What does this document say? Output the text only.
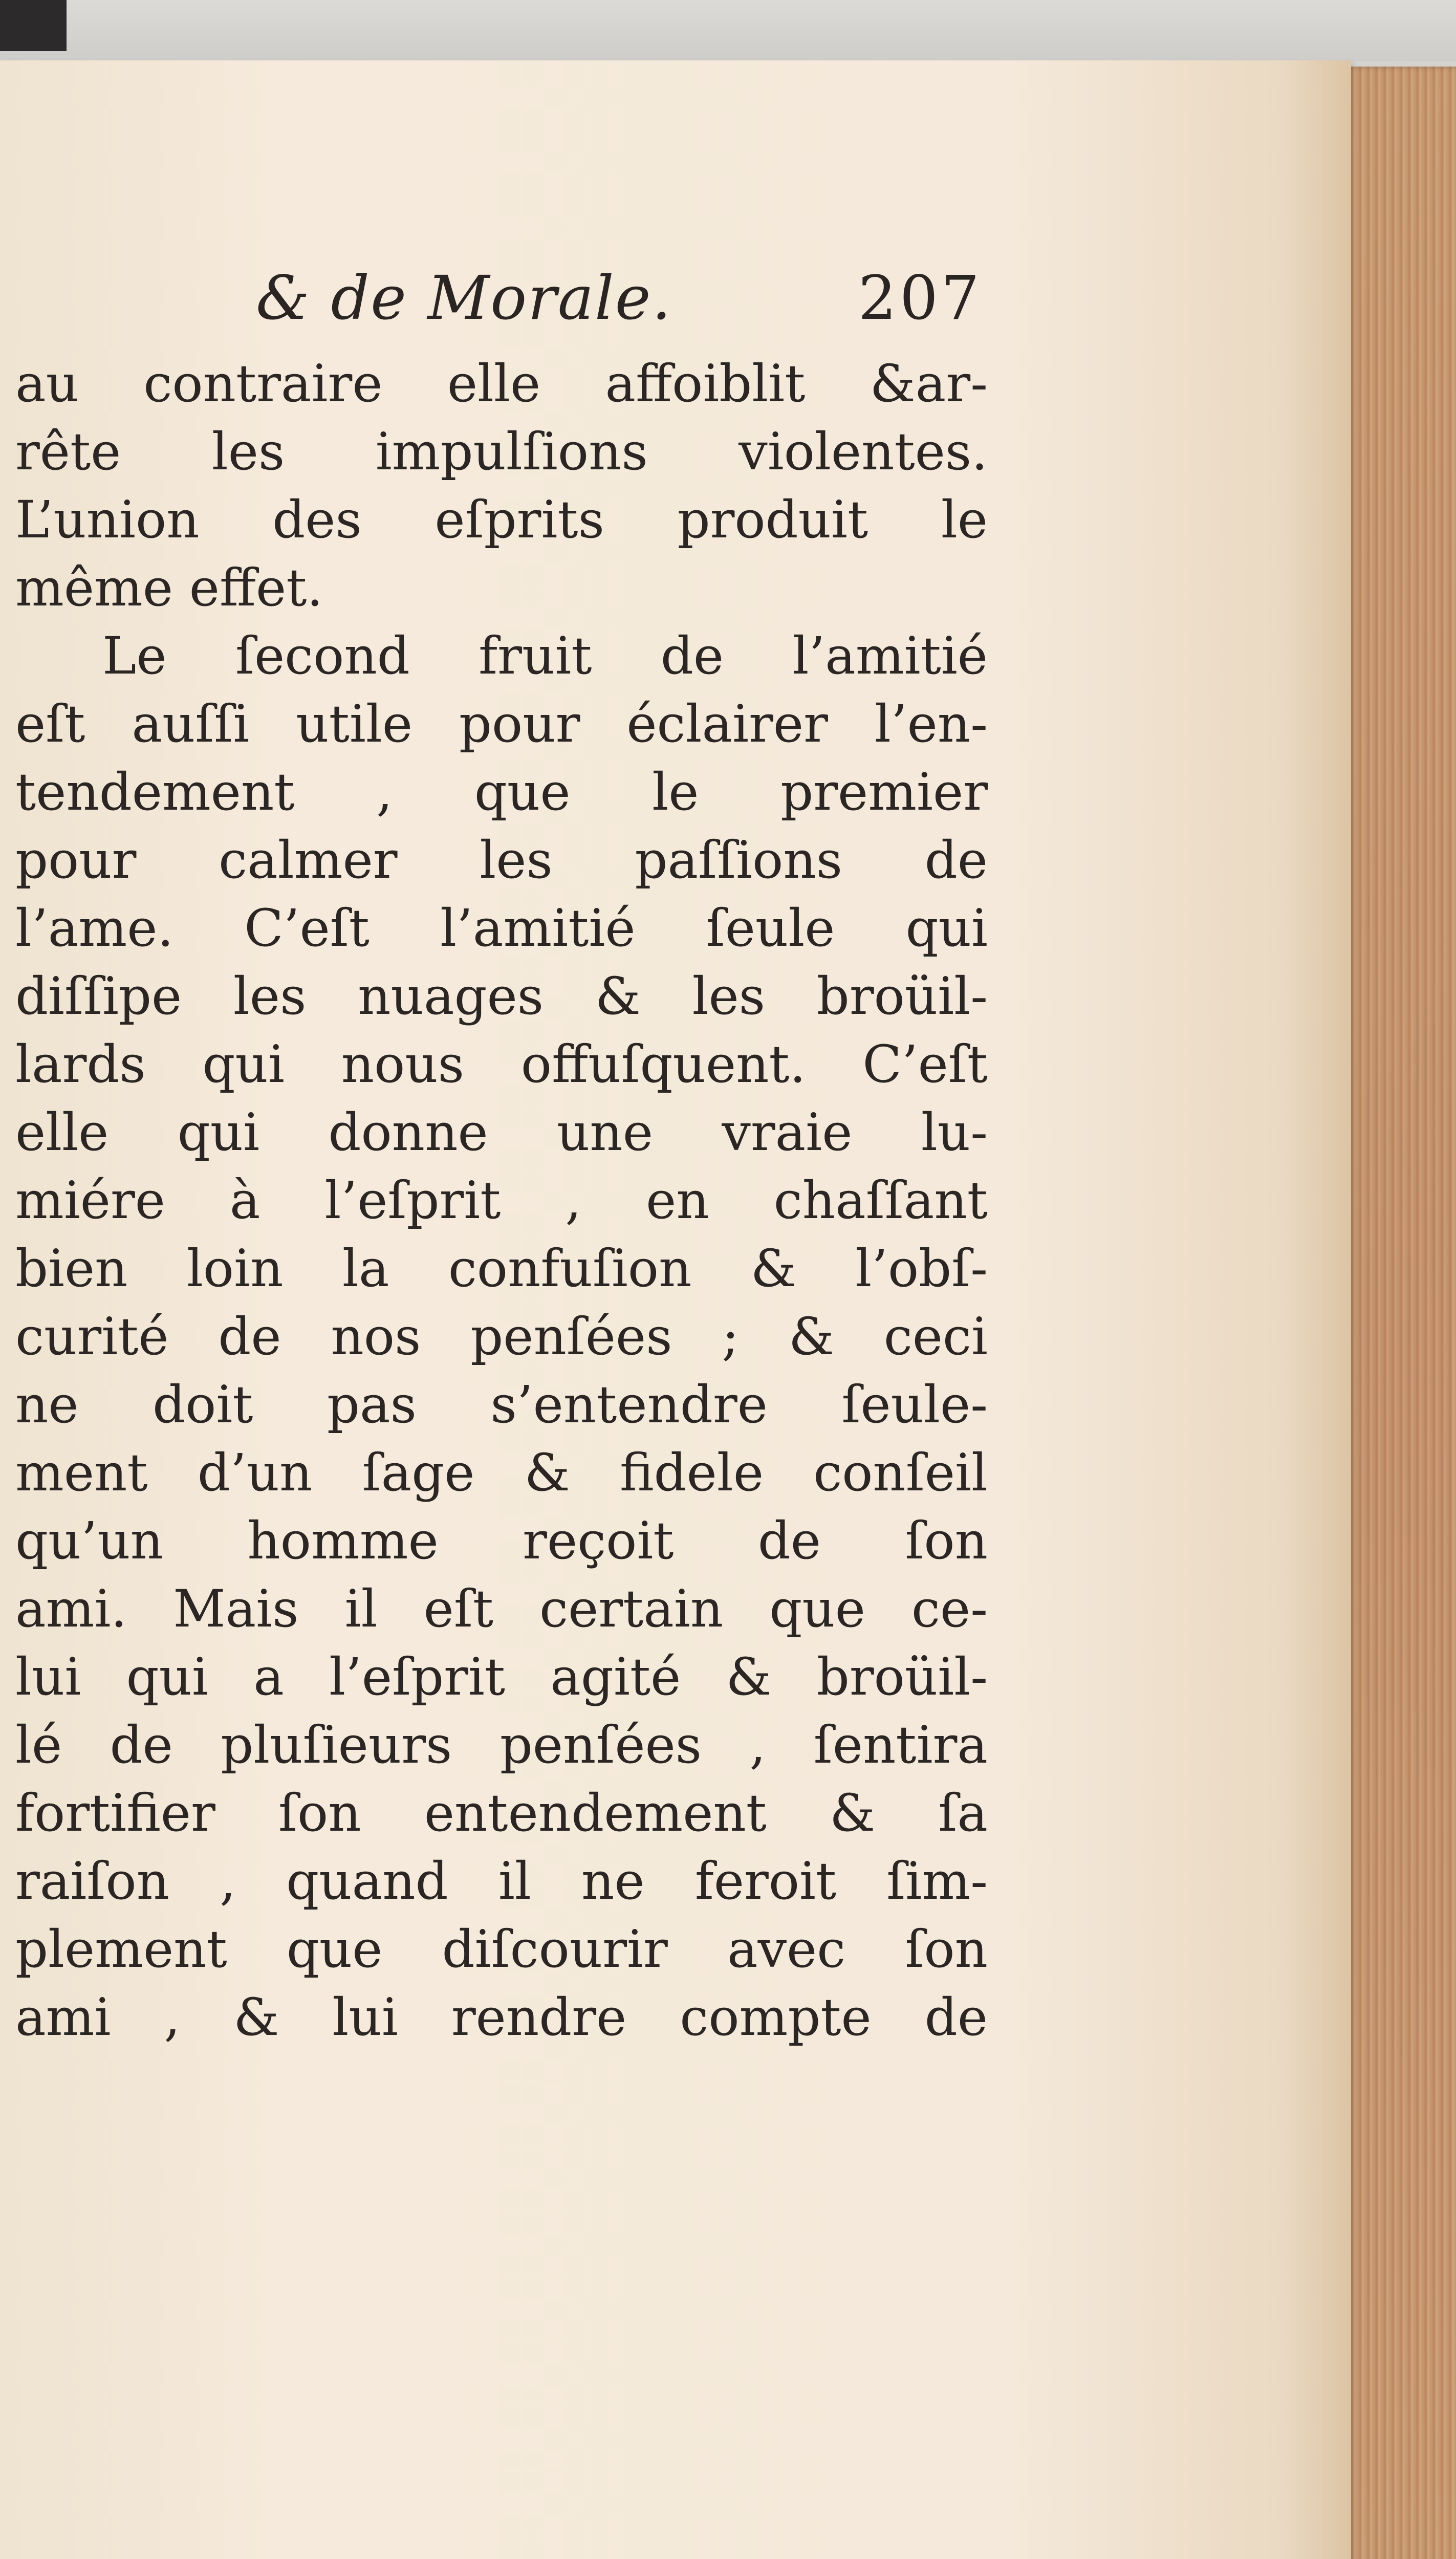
& de Morale.	207
au contraire elle affoiblit &ar-
rête les impulſions violentes.
L’union des eſprits produit le
même effet.
Le ſecond fruit de l’amitié
eſt auſſi utile pour éclairer l’en-
tendement , que le premier
pour calmer les paſſions de
l’ame. C’eſt l’amitié ſeule qui
diſſipe les nuages & les broüil-
lards qui nous offuſquent. C’eſt
elle qui donne une vraie lu-
miére à l’eſprit , en chaſſant
bien loin la confuſion & l’obſ-
curité de nos penſées ; & ceci
ne doit pas s’entendre ſeule-
ment d’un ſage & fidele conſeil
qu’un homme reçoit de ſon
ami. Mais il eſt certain que ce-
lui qui a l’eſprit agité & broüil-
lé de pluſieurs penſées , ſentira
fortifier ſon entendement & ſa
raiſon , quand il ne feroit ſim-
plement que diſcourir avec ſon
ami , & lui rendre compte de
